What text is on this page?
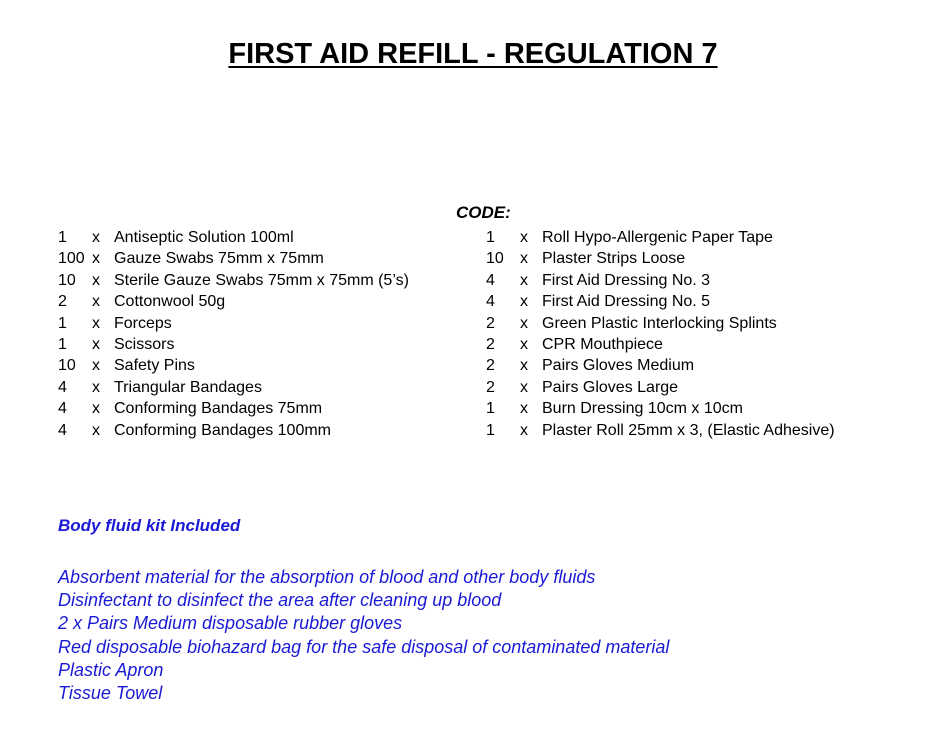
FIRST AID REFILL - REGULATION 7
CODE:
1 x Antiseptic Solution 100ml
100 x Gauze Swabs 75mm x 75mm
10 x Sterile Gauze Swabs 75mm x 75mm (5’s)
2 x Cottonwool 50g
1 x Forceps
1 x Scissors
10 x Safety Pins
4 x Triangular Bandages
4 x Conforming Bandages 75mm
4 x Conforming Bandages 100mm
1 x Roll Hypo-Allergenic Paper Tape
10 x Plaster Strips Loose
4 x First Aid Dressing No. 3
4 x First Aid Dressing No. 5
2 x Green Plastic Interlocking Splints
2 x CPR Mouthpiece
2 x Pairs Gloves Medium
2 x Pairs Gloves Large
1 x Burn Dressing 10cm x 10cm
1 x Plaster Roll 25mm x 3, (Elastic Adhesive)
Body fluid kit Included
Absorbent material for the absorption of blood and other body fluids
Disinfectant to disinfect the area after cleaning up blood
2 x Pairs Medium disposable rubber gloves
Red disposable biohazard bag for the safe disposal of contaminated material
Plastic Apron
Tissue Towel
